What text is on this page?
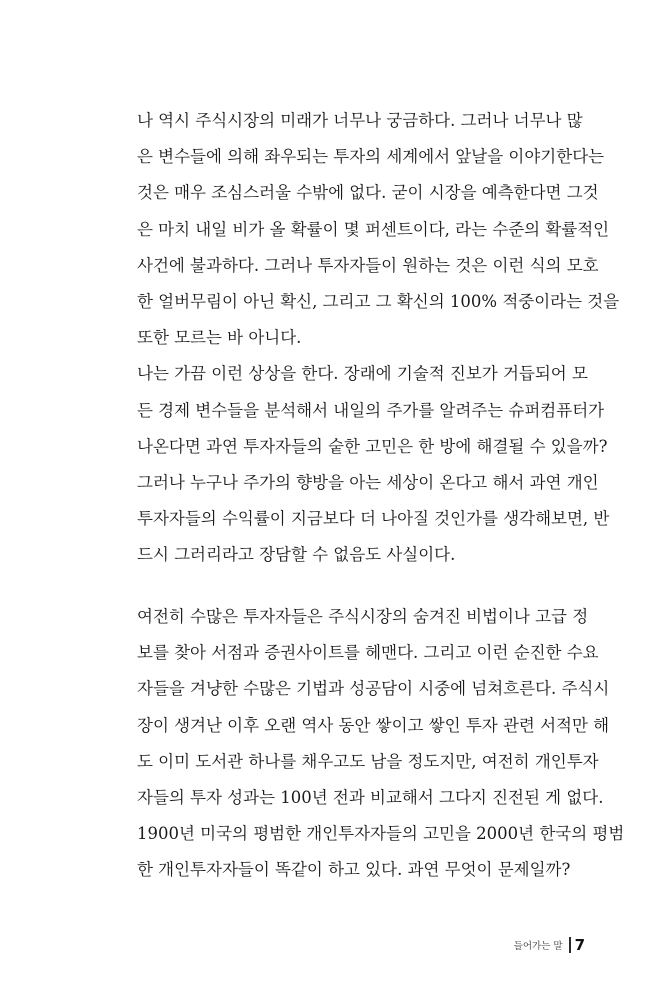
나 역시 주식시장의 미래가 너무나 궁금하다. 그러나 너무나 많
은 변수들에 의해 좌우되는 투자의 세계에서 앞날을 이야기한다는
것은 매우 조심스러울 수밖에 없다. 굳이 시장을 예측한다면 그것
은 마치 내일 비가 올 확률이 몇 퍼센트이다, 라는 수준의 확률적인
사건에 불과하다. 그러나 투자자들이 원하는 것은 이런 식의 모호
한 얼버무림이 아닌 확신, 그리고 그 확신의 100% 적중이라는 것을
또한 모르는 바 아니다.

나는 가끔 이런 상상을 한다. 장래에 기술적 진보가 거듭되어 모
든 경제 변수들을 분석해서 내일의 주가를 알려주는 슈퍼컴퓨터가
나온다면 과연 투자자들의 숱한 고민은 한 방에 해결될 수 있을까?
그러나 누구나 주가의 향방을 아는 세상이 온다고 해서 과연 개인
투자자들의 수익률이 지금보다 더 나아질 것인가를 생각해보면, 반
드시 그러리라고 장담할 수 없음도 사실이다.

여전히 수많은 투자자들은 주식시장의 숨겨진 비법이나 고급 정
보를 찾아 서점과 증권사이트를 헤맨다. 그리고 이런 순진한 수요
자들을 겨냥한 수많은 기법과 성공담이 시중에 넘쳐흐른다. 주식시
장이 생겨난 이후 오랜 역사 동안 쌓이고 쌓인 투자 관련 서적만 해
도 이미 도서관 하나를 채우고도 남을 정도지만, 여전히 개인투자
자들의 투자 성과는 100년 전과 비교해서 그다지 진전된 게 없다.
1900년 미국의 평범한 개인투자자들의 고민을 2000년 한국의 평범
한 개인투자자들이 똑같이 하고 있다. 과연 무엇이 문제일까?

들어가는 말 7
